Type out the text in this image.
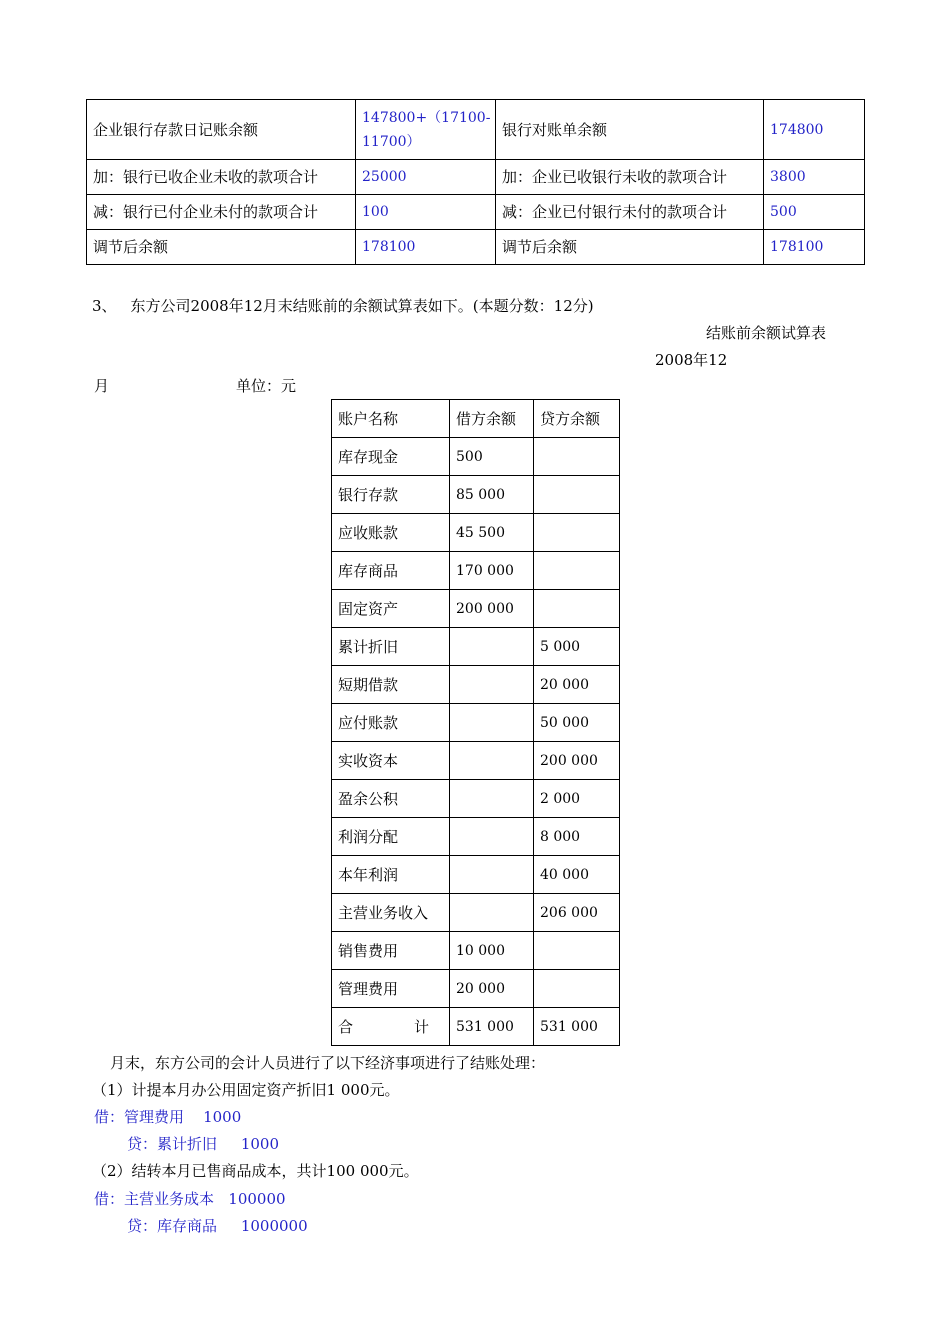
企业银行存款日记账余额	147800+（17100-11700）	银行对账单余额	174800
加：银行已收企业未收的款项合计	25000	加：企业已收银行未收的款项合计	3800
减：银行已付企业未付的款项合计	100	减：企业已付银行未付的款项合计	500
调节后余额	178100	调节后余额	178100
3、 东方公司2008年12月末结账前的余额试算表如下。(本题分数：12分)
结账前余额试算表
2008年12
月	单位：元
账户名称	借方余额	贷方余额
库存现金	500	
银行存款	85 000	
应收账款	45 500	
库存商品	170 000	
固定资产	200 000	
累计折旧		5 000
短期借款		20 000
应付账款		50 000
实收资本		200 000
盈余公积		2 000
利润分配		8 000
本年利润		40 000
主营业务收入		206 000
销售费用	10 000	
管理费用	20 000	

合 计	531 000	531 000
月末，东方公司的会计人员进行了以下经济事项进行了结账处理：
（1）计提本月办公用固定资产折旧1 000元。
借：管理费用    1000
贷：累计折旧     1000
（2）结转本月已售商品成本，共计100 000元。
借：主营业务成本   100000
贷：库存商品     1000000
